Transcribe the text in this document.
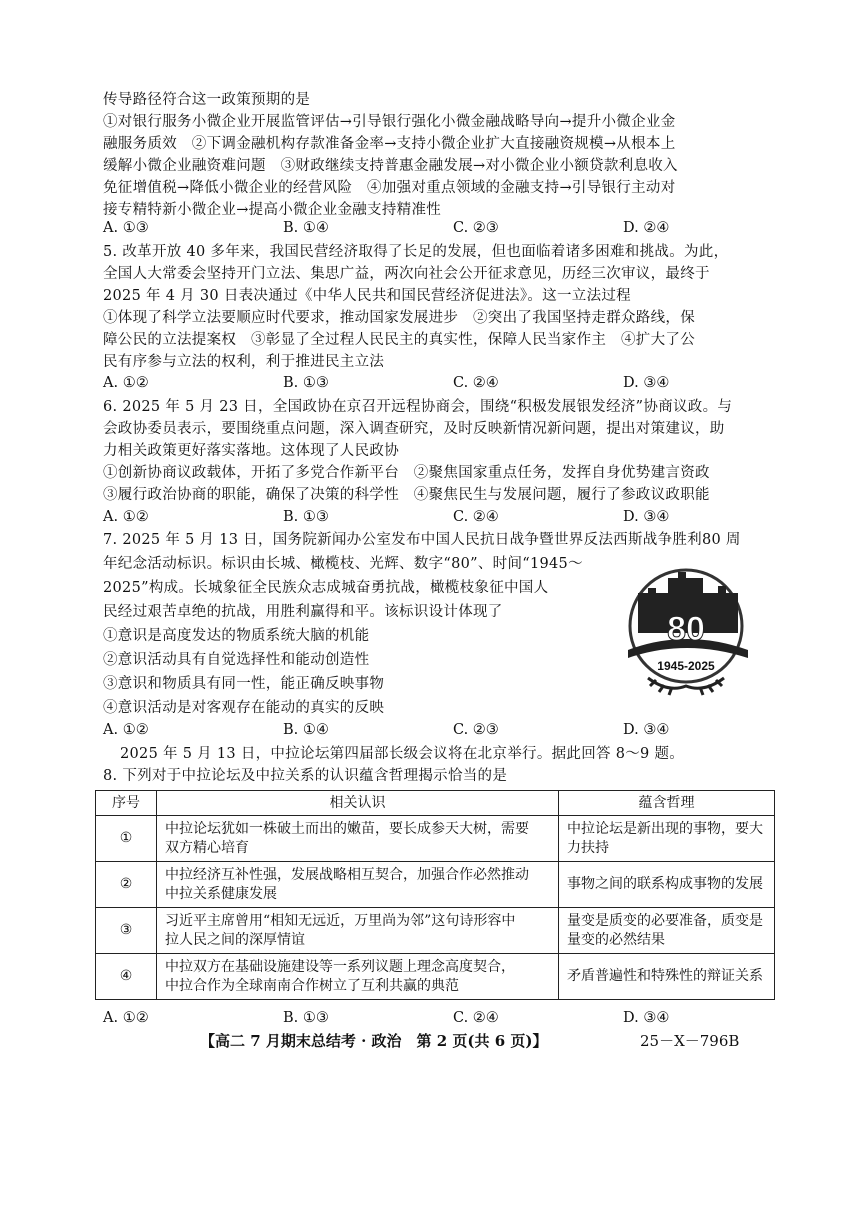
传导路径符合这一政策预期的是
①对银行服务小微企业开展监管评估→引导银行强化小微金融战略导向→提升小微企业金
融服务质效　②下调金融机构存款准备金率→支持小微企业扩大直接融资规模→从根本上
缓解小微企业融资难问题　③财政继续支持普惠金融发展→对小微企业小额贷款利息收入
免征增值税→降低小微企业的经营风险　④加强对重点领域的金融支持→引导银行主动对
接专精特新小微企业→提高小微企业金融支持精准性
A. ①③	B. ①④	C. ②③	D. ②④
5. 改革开放 40 多年来，我国民营经济取得了长足的发展，但也面临着诸多困难和挑战。为此，
全国人大常委会坚持开门立法、集思广益，两次向社会公开征求意见，历经三次审议，最终于
2025 年 4 月 30 日表决通过《中华人民共和国民营经济促进法》。这一立法过程
①体现了科学立法要顺应时代要求，推动国家发展进步　②突出了我国坚持走群众路线，保
障公民的立法提案权　③彰显了全过程人民民主的真实性，保障人民当家作主　④扩大了公
民有序参与立法的权利，利于推进民主立法
A. ①②	B. ①③	C. ②④	D. ③④
6. 2025 年 5 月 23 日，全国政协在京召开远程协商会，围绕“积极发展银发经济”协商议政。与
会政协委员表示，要围绕重点问题，深入调查研究，及时反映新情况新问题，提出对策建议，助
力相关政策更好落实落地。这体现了人民政协
①创新协商议政载体，开拓了多党合作新平台　②聚焦国家重点任务，发挥自身优势建言资政
③履行政治协商的职能，确保了决策的科学性　④聚焦民生与发展问题，履行了参政议政职能
A. ①②	B. ①③	C. ②④	D. ③④
7. 2025 年 5 月 13 日，国务院新闻办公室发布中国人民抗日战争暨世界反法西斯战争胜利80 周
年纪念活动标识。标识由长城、橄榄枝、光辉、数字“80”、时间“1945～
2025”构成。长城象征全民族众志成城奋勇抗战，橄榄枝象征中国人
民经过艰苦卓绝的抗战，用胜利赢得和平。该标识设计体现了
①意识是高度发达的物质系统大脑的机能
②意识活动具有自觉选择性和能动创造性
③意识和物质具有同一性，能正确反映事物
④意识活动是对客观存在能动的真实的反映
A. ①②	B. ①④	C. ②③	D. ③④
80
1945-2025
2025 年 5 月 13 日，中拉论坛第四届部长级会议将在北京举行。据此回答 8～9 题。
8. 下列对于中拉论坛及中拉关系的认识蕴含哲理揭示恰当的是
序号	相关认识	蕴含哲理
①	中拉论坛犹如一株破土而出的嫩苗，要长成参天大树，需要
双方精心培育	中拉论坛是新出现的事物，要大
力扶持
②	中拉经济互补性强，发展战略相互契合，加强合作必然推动
中拉关系健康发展	事物之间的联系构成事物的发展
③	习近平主席曾用“相知无远近，万里尚为邻”这句诗形容中
拉人民之间的深厚情谊	量变是质变的必要准备，质变是
量变的必然结果
④	中拉双方在基础设施建设等一系列议题上理念高度契合，
中拉合作为全球南南合作树立了互利共赢的典范	矛盾普遍性和特殊性的辩证关系
A. ①②	B. ①③	C. ②④	D. ③④
【高二 7 月期末总结考 · 政治　第 2 页(共 6 页)】	25－X－796B
